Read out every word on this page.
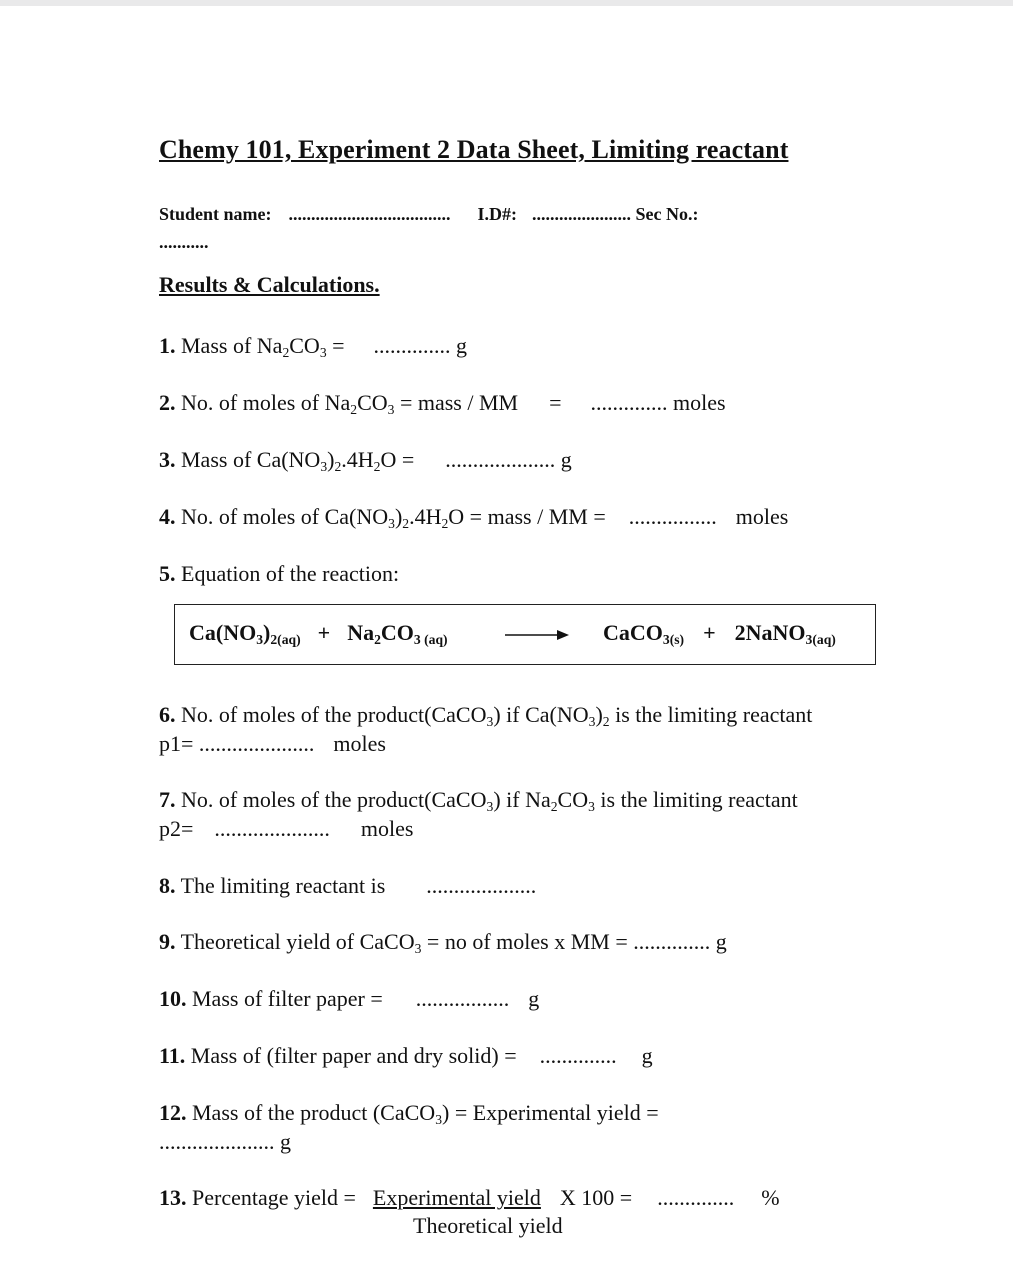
Chemy 101, Experiment 2 Data Sheet, Limiting reactant
Student name: .................................... I.D#: ...................... Sec No.:
...........
Results & Calculations.
1. Mass of $Na_2CO_3$ = .............. g
2. No. of moles of $Na_2CO_3$ = mass / MM = .............. moles
3. Mass of $Ca(NO_3)_2.4H_2O$ = .................... g
4. No. of moles of $Ca(NO_3)_2.4H_2O$ = mass / MM = ................ moles
5. Equation of the reaction:
$Ca(NO_3)_{2(aq)} + Na_2CO_{3 (aq)}$	CaCO$_{3(s)}$ + 2NaNO$_{3(aq)}$
6. No. of moles of the product(CaCO$_3$) if $Ca(NO_3)_2$ is the limiting reactant
p1= ..................... moles
7. No. of moles of the product(CaCO$_3$) if $Na_2CO_3$ is the limiting reactant
p2= ..................... moles
8. The limiting reactant is ....................
9. Theoretical yield of CaCO$_3$ = no of moles x MM = .............. g
10. Mass of filter paper = ................. g
11. Mass of (filter paper and dry solid) = .............. g
12. Mass of the product (CaCO$_3$) = Experimental yield =
..................... g
13. Percentage yield = Experimental yield X 100 = .............. %
Theoretical yield
